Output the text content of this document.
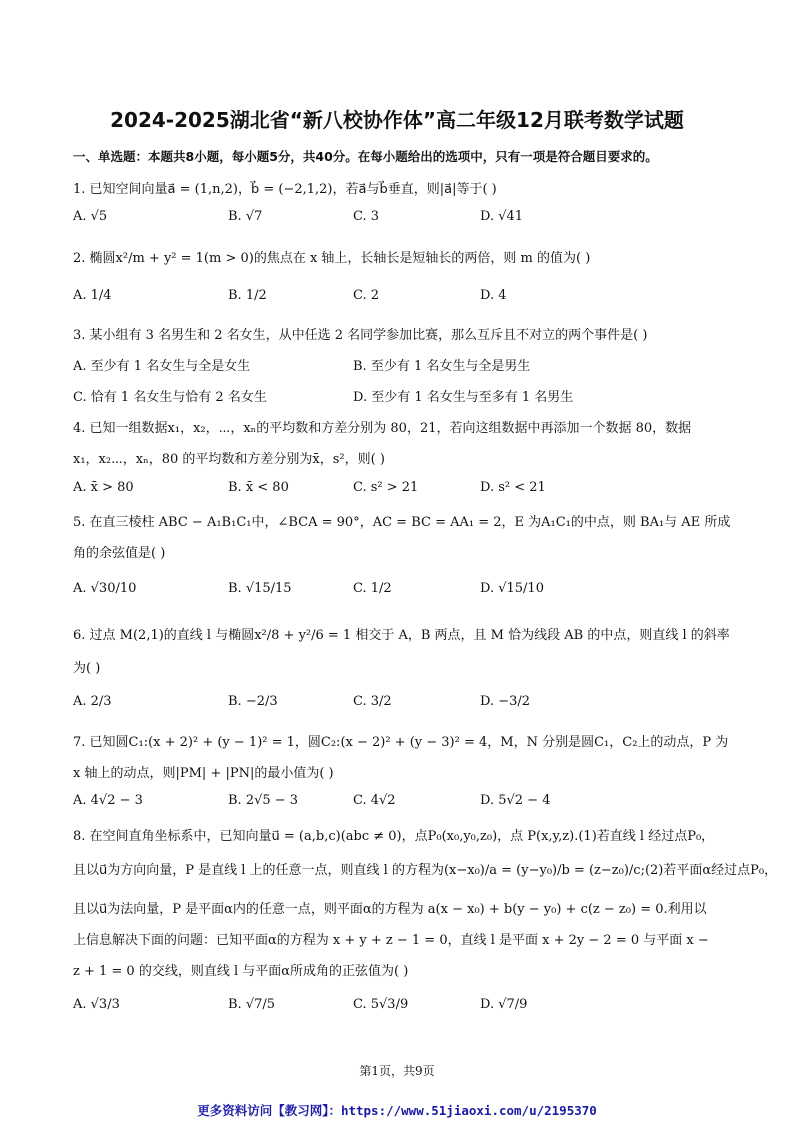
2024-2025湖北省“新八校协作体”高二年级12月联考数学试题
一、单选题：本题共8小题，每小题5分，共40分。在每小题给出的选项中，只有一项是符合题目要求的。
1. 已知空间向量a⃗ = (1,n,2)，b⃗ = (−2,1,2)，若a⃗与b⃗垂直，则|a⃗|等于( )
A. √5	B. √7	C. 3	D. √41
2. 椭圆x²/m + y² = 1(m > 0)的焦点在 x 轴上，长轴长是短轴长的两倍，则 m 的值为( )
A. 1/4	B. 1/2	C. 2	D. 4
3. 某小组有 3 名男生和 2 名女生，从中任选 2 名同学参加比赛，那么互斥且不对立的两个事件是( )
A. 至少有 1 名女生与全是女生	B. 至少有 1 名女生与全是男生
C. 恰有 1 名女生与恰有 2 名女生	D. 至少有 1 名女生与至多有 1 名男生
4. 已知一组数据x₁，x₂，⋯，xₙ的平均数和方差分别为 80，21，若向这组数据中再添加一个数据 80，数据
x₁，x₂⋯，xₙ，80 的平均数和方差分别为x̄，s²，则( )
A. x̄ > 80	B. x̄ < 80	C. s² > 21	D. s² < 21
5. 在直三棱柱 ABC − A₁B₁C₁中，∠BCA = 90°，AC = BC = AA₁ = 2，E 为A₁C₁的中点，则 BA₁与 AE 所成
角的余弦值是( )
A. √30/10	B. √15/15	C. 1/2	D. √15/10
6. 过点 M(2,1)的直线 l 与椭圆x²/8 + y²/6 = 1 相交于 A，B 两点，且 M 恰为线段 AB 的中点，则直线 l 的斜率
为( )
A. 2/3	B. −2/3	C. 3/2	D. −3/2
7. 已知圆C₁:(x + 2)² + (y − 1)² = 1，圆C₂:(x − 2)² + (y − 3)² = 4，M，N 分别是圆C₁，C₂上的动点，P 为
x 轴上的动点，则|PM| + |PN|的最小值为( )
A. 4√2 − 3	B. 2√5 − 3	C. 4√2	D. 5√2 − 4
8. 在空间直角坐标系中，已知向量u⃗ = (a,b,c)(abc ≠ 0)，点P₀(x₀,y₀,z₀)，点 P(x,y,z).(1)若直线 l 经过点P₀，
且以u⃗为方向向量，P 是直线 l 上的任意一点，则直线 l 的方程为(x−x₀)/a = (y−y₀)/b = (z−z₀)/c;(2)若平面α经过点P₀，
且以u⃗为法向量，P 是平面α内的任意一点，则平面α的方程为 a(x − x₀) + b(y − y₀) + c(z − z₀) = 0.利用以
上信息解决下面的问题：已知平面α的方程为 x + y + z − 1 = 0，直线 l 是平面 x + 2y − 2 = 0 与平面 x −
z + 1 = 0 的交线，则直线 l 与平面α所成角的正弦值为( )
A. √3/3	B. √7/5	C. 5√3/9	D. √7/9
第1页，共9页
更多资料访问【教习网】：https://www.51jiaoxi.com/u/2195370
